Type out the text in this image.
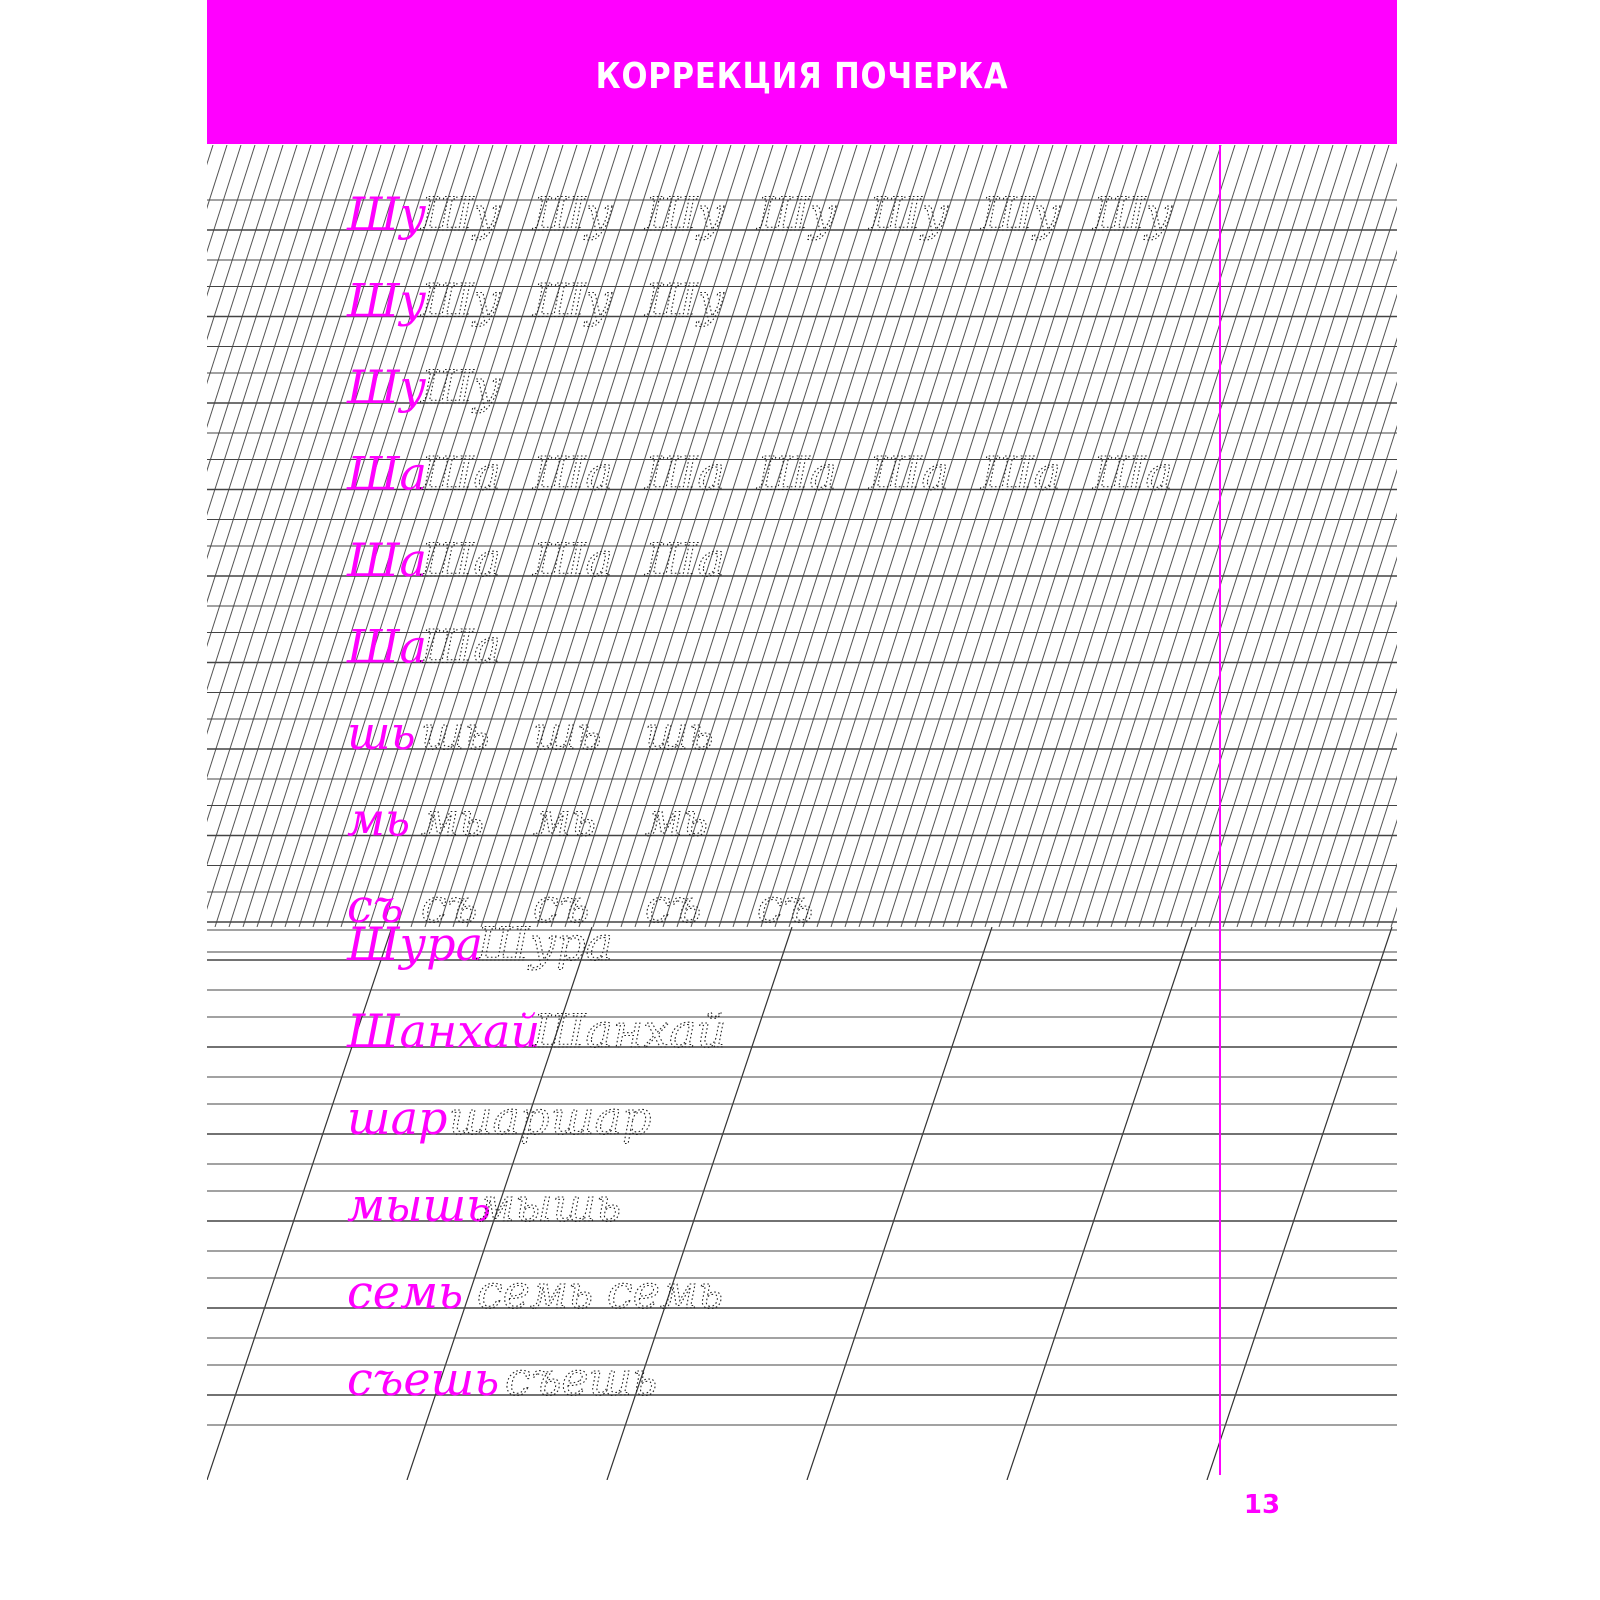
КОРРЕКЦИЯ ПОЧЕРКА
Шу
Шу Шу Шу Шу Шу Шу Шу
Шу
Шу Шу Шу
Шу
Шу
Ша
Ша Ша Ша Ша Ша Ша Ша
Ша
Ша Ша Ша
Ша
Ша
шь шь шь шь
мь мь мь мь
съ съ съ съ съ
Шура
Шура
Шанхай
Шанхай
шар шар шар
мышь
мышь
семь семь семь
съешь съешь
13
